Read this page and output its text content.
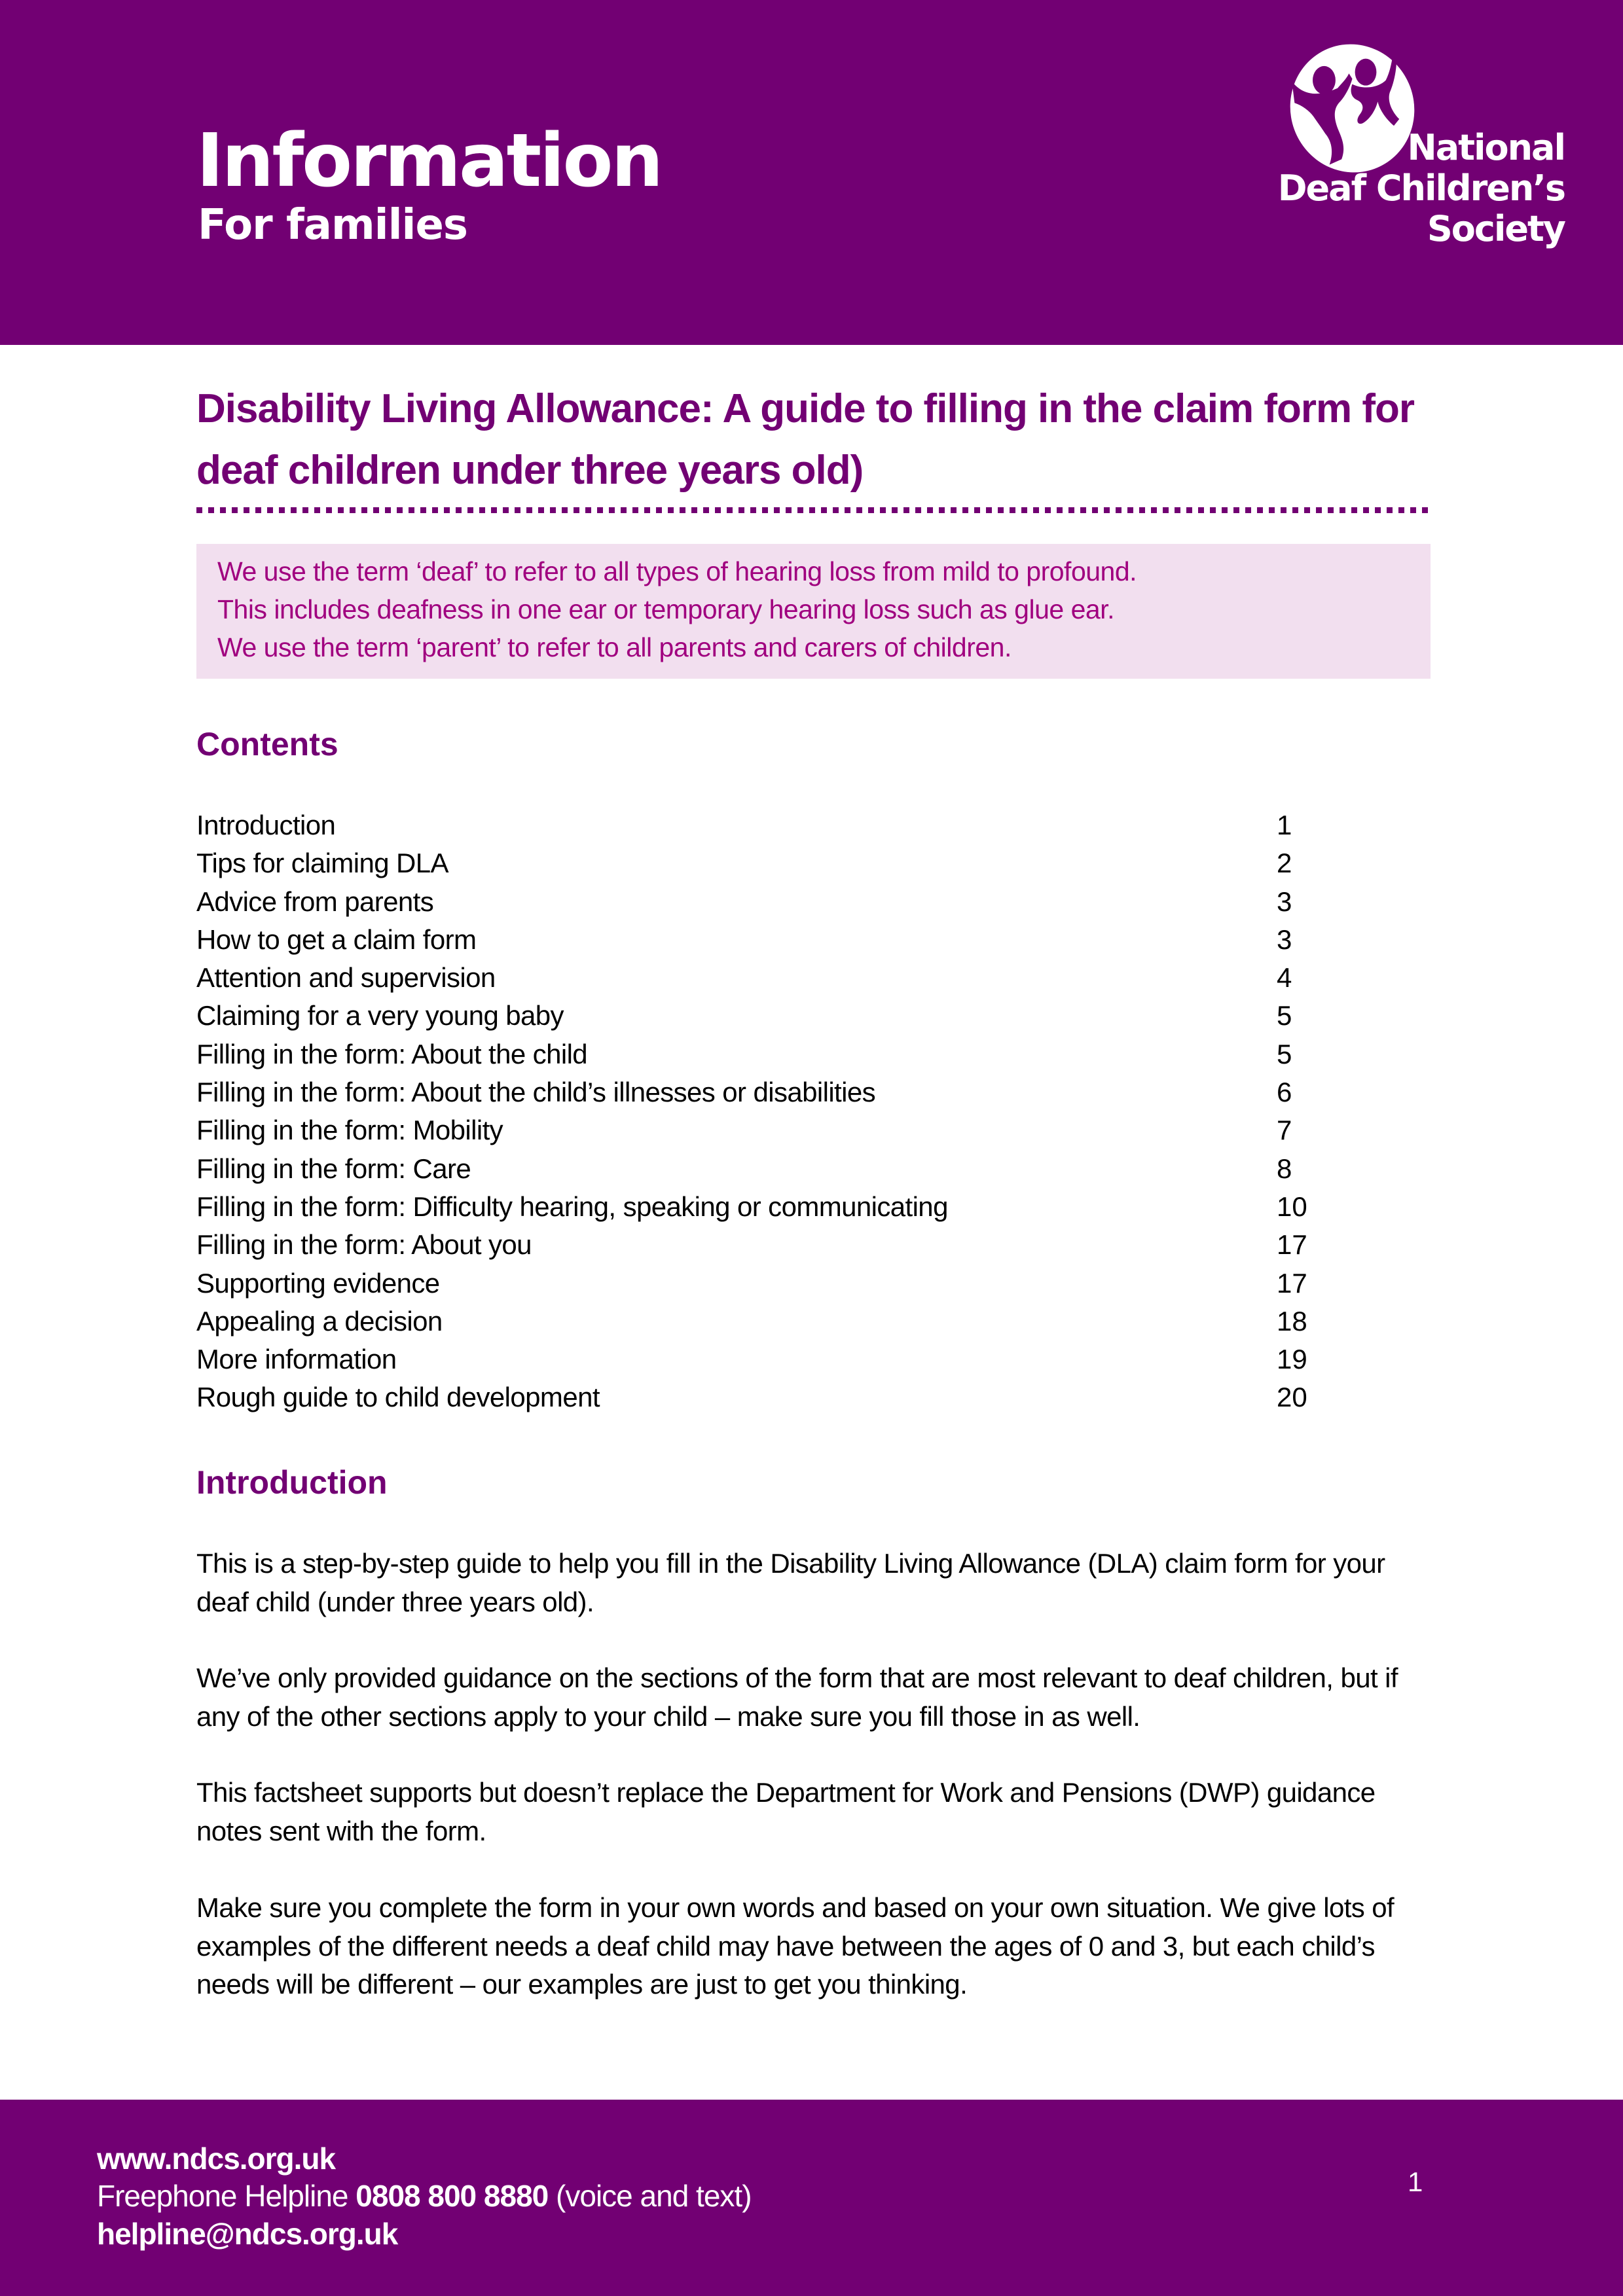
Information
For families
National
Deaf Children’s
Society
Disability Living Allowance: A guide to filling in the claim form for deaf children under three years old)
We use the term ‘deaf’ to refer to all types of hearing loss from mild to profound.
This includes deafness in one ear or temporary hearing loss such as glue ear.
We use the term ‘parent’ to refer to all parents and carers of children.
Contents
Introduction	1
Tips for claiming DLA	2
Advice from parents	3
How to get a claim form	3
Attention and supervision	4
Claiming for a very young baby	5
Filling in the form: About the child	5
Filling in the form: About the child’s illnesses or disabilities	6
Filling in the form: Mobility	7
Filling in the form: Care	8
Filling in the form: Difficulty hearing, speaking or communicating	10
Filling in the form: About you	17
Supporting evidence	17
Appealing a decision	18
More information	19
Rough guide to child development	20
Introduction

This is a step-by-step guide to help you fill in the Disability Living Allowance (DLA) claim form for your deaf child (under three years old).

We’ve only provided guidance on the sections of the form that are most relevant to deaf children, but if any of the other sections apply to your child – make sure you fill those in as well.

This factsheet supports but doesn’t replace the Department for Work and Pensions (DWP) guidance notes sent with the form.

Make sure you complete the form in your own words and based on your own situation. We give lots of examples of the different needs a deaf child may have between the ages of 0 and 3, but each child’s needs will be different – our examples are just to get you thinking.

www.ndcs.org.uk
Freephone Helpline 0808 800 8880 (voice and text)
helpline@ndcs.org.uk
1
